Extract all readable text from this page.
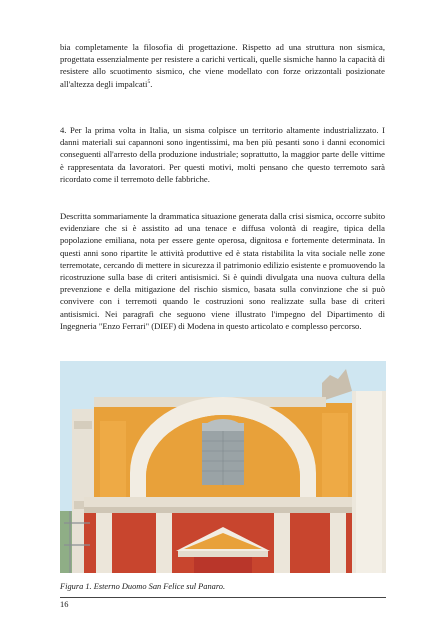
bia completamente la filosofia di progettazione. Rispetto ad una struttura non sismica, progettata essenzialmente per resistere a carichi verticali, quelle sismiche hanno la capacità di resistere allo scuotimento sismico, che viene modellato con forze orizzontali posizionate all'altezza degli impalcati$^5$.

4. Per la prima volta in Italia, un sisma colpisce un territorio altamente industrializzato. I danni materiali sui capannoni sono ingentissimi, ma ben più pesanti sono i danni economici conseguenti all'arresto della produzione industriale; soprattutto, la maggior parte delle vittime è rappresentata da lavoratori. Per questi motivi, molti pensano che questo terremoto sarà ricordato come il terremoto delle fabbriche.

Descritta sommariamente la drammatica situazione generata dalla crisi sismica, occorre subito evidenziare che si è assistito ad una tenace e diffusa volontà di reagire, tipica della popolazione emiliana, nota per essere gente operosa, dignitosa e fortemente determinata. In questi anni sono ripartite le attività produttive ed è stata ristabilita la vita sociale nelle zone terremotate, cercando di mettere in sicurezza il patrimonio edilizio esistente e promuovendo la ricostruzione sulla base di criteri antisismici. Si è quindi divulgata una nuova cultura della prevenzione e della mitigazione del rischio sismico, basata sulla convinzione che si può convivere con i terremoti quando le costruzioni sono realizzate sulla base di criteri antisismici. Nei paragrafi che seguono viene illustrato l'impegno del Dipartimento di Ingegneria "Enzo Ferrari" (DIEF) di Modena in questo articolato e complesso percorso.

Figura 1. Esterno Duomo San Felice sul Panaro.

16
